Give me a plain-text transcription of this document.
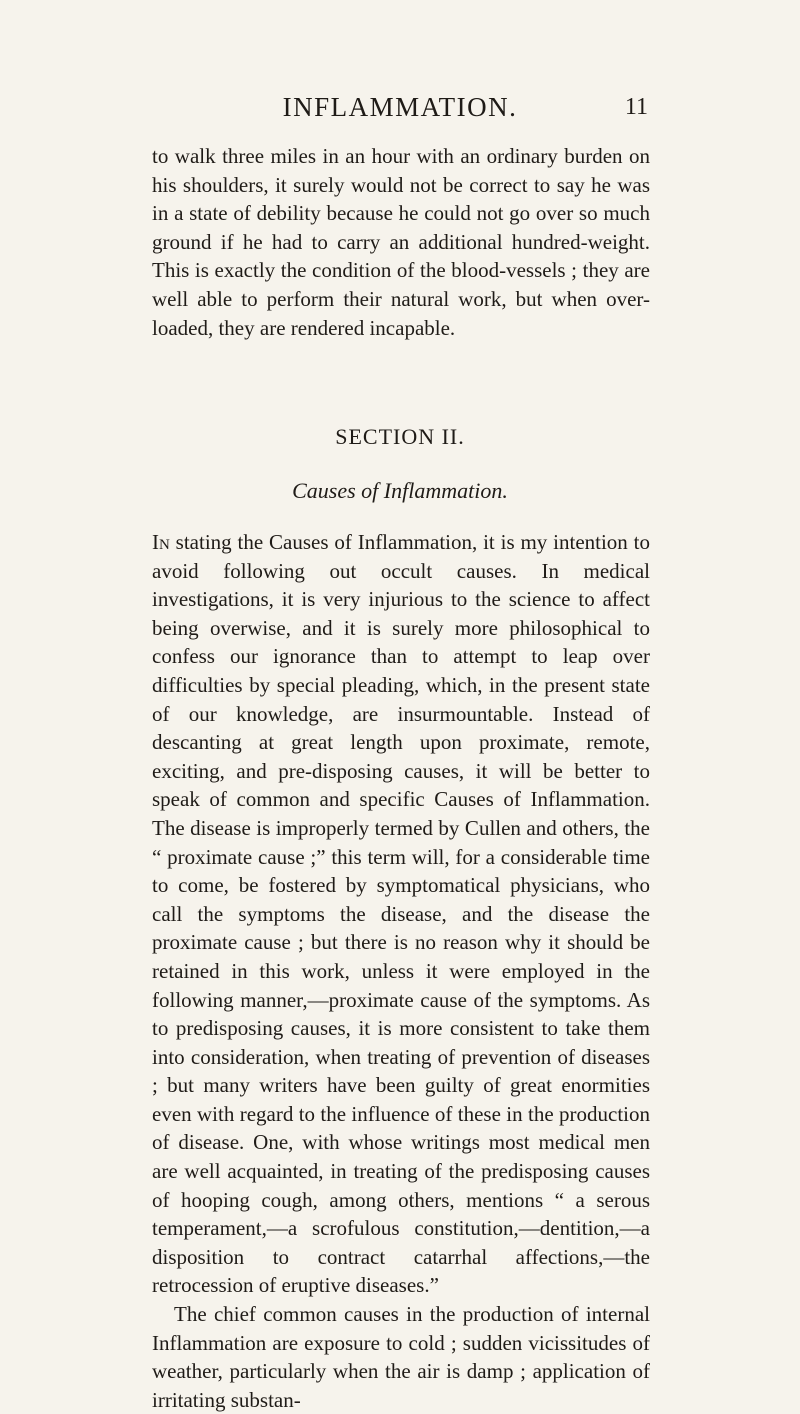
INFLAMMATION.	11

to walk three miles in an hour with an ordinary burden on his shoulders, it surely would not be correct to say he was in a state of debility because he could not go over so much ground if he had to carry an additional hundred-weight. This is exactly the condition of the blood-vessels ; they are well able to perform their natural work, but when over-loaded, they are rendered incapable.

SECTION II.
Causes of Inflammation.

In stating the Causes of Inflammation, it is my intention to avoid following out occult causes. In medical investigations, it is very injurious to the science to affect being overwise, and it is surely more philosophical to confess our ignorance than to attempt to leap over difficulties by special pleading, which, in the present state of our knowledge, are insurmountable. Instead of descanting at great length upon proximate, remote, exciting, and pre-disposing causes, it will be better to speak of common and specific Causes of Inflammation. The disease is improperly termed by Cullen and others, the “ proximate cause ;” this term will, for a considerable time to come, be fostered by symptomatical physicians, who call the symptoms the disease, and the disease the proximate cause ; but there is no reason why it should be retained in this work, unless it were employed in the following manner,—proximate cause of the symptoms. As to predisposing causes, it is more consistent to take them into consideration, when treating of prevention of diseases ; but many writers have been guilty of great enormities even with regard to the influence of these in the production of disease. One, with whose writings most medical men are well acquainted, in treating of the predisposing causes of hooping cough, among others, mentions “ a serous temperament,—a scrofulous constitution,—dentition,—a disposition to contract catarrhal affections,—the retrocession of eruptive diseases.”

The chief common causes in the production of internal Inflammation are exposure to cold ; sudden vicissitudes of weather, particularly when the air is damp ; application of irritating substan-
